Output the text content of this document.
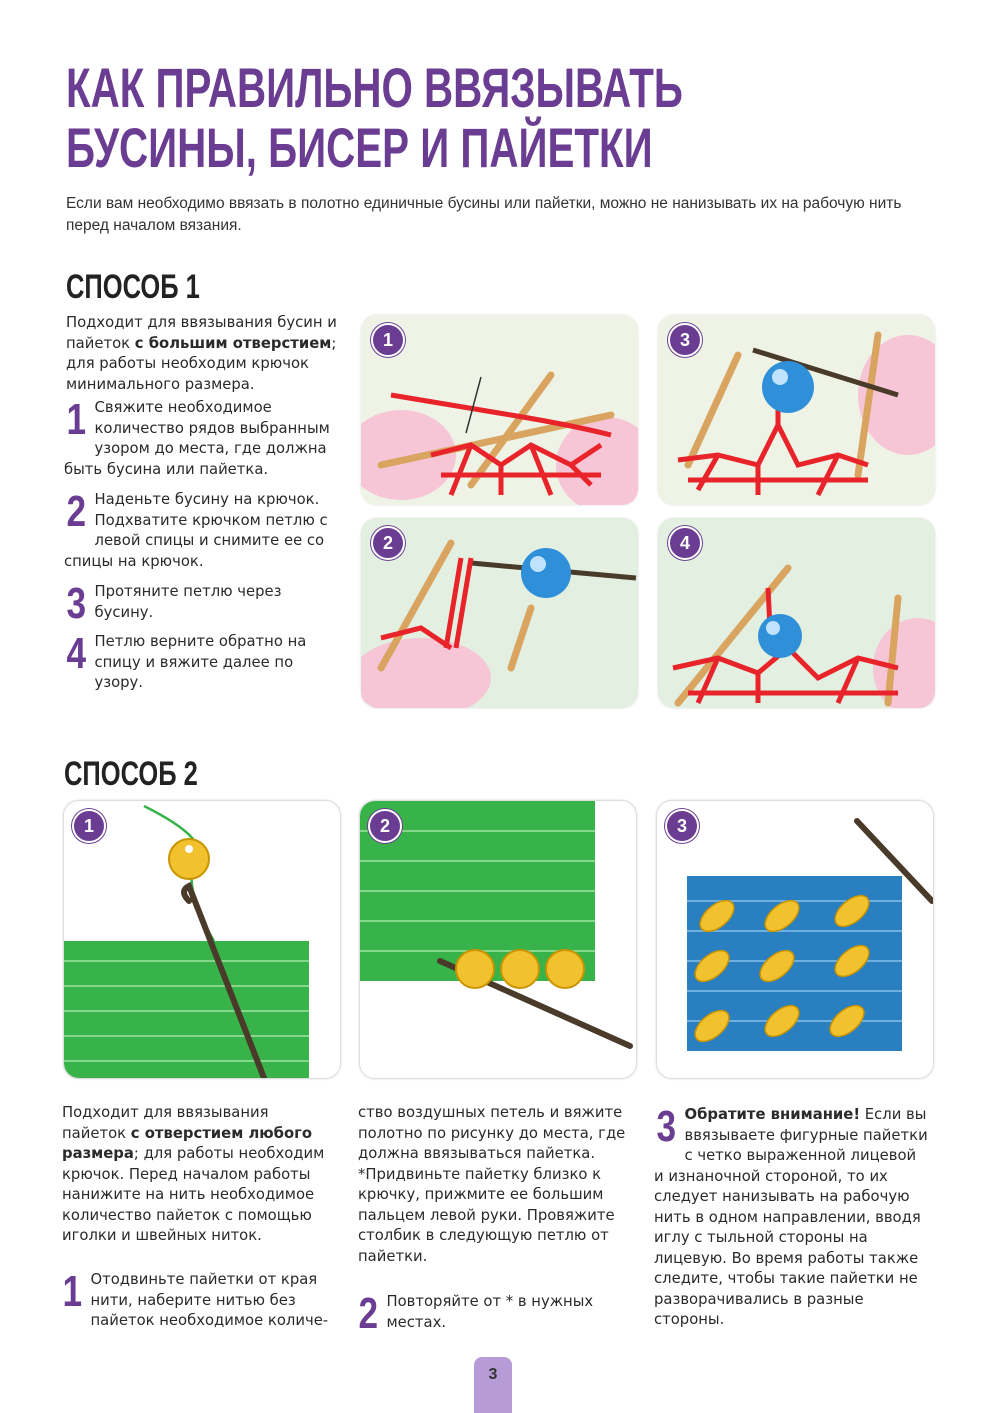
КАК ПРАВИЛЬНО ВВЯЗЫВАТЬ
БУСИНЫ, БИСЕР И ПАЙЕТКИ
Если вам необходимо ввязать в полотно единичные бусины или пайетки, можно не нанизывать их на рабочую нить перед началом вязания.
СПОСОБ 1
Подходит для ввязывания бусин и пайеток с большим отверстием; для работы необходим крючок минимального размера.
1 Свяжите необходимое количество рядов выбранным узором до места, где должна быть бусина или пайетка.
2 Наденьте бусину на крючок. Подхватите крючком петлю с левой спицы и снимите ее со спицы на крючок.
3 Протяните петлю через бусину.
4 Петлю верните обратно на спицу и вяжите далее по узору.
1
2
3
4
СПОСОБ 2
1	2	3
Подходит для ввязывания пайеток с отверстием любого размера; для работы необходим крючок. Перед началом работы нанижите на нить необходимое количество пайеток с помощью иголки и швейных ниток.
1 Отодвиньте пайетки от края нити, наберите нитью без пайеток необходимое количе-

ство воздушных петель и вяжите полотно по рисунку до места, где должна ввязываться пайетка.

*Придвиньте пайетку близко к крючку, прижмите ее большим пальцем левой руки. Провяжите столбик в следующую петлю от пайетки.

2 Повторяйте от * в нужных местах.
3 Обратите внимание! Если вы ввязываете фигурные пайетки с четко выраженной лицевой и изнаночной стороной, то их следует нанизывать на рабочую нить в одном направлении, вводя иглу с тыльной стороны на лицевую. Во время работы также следите, чтобы такие пайетки не разворачивались в разные стороны.
3
